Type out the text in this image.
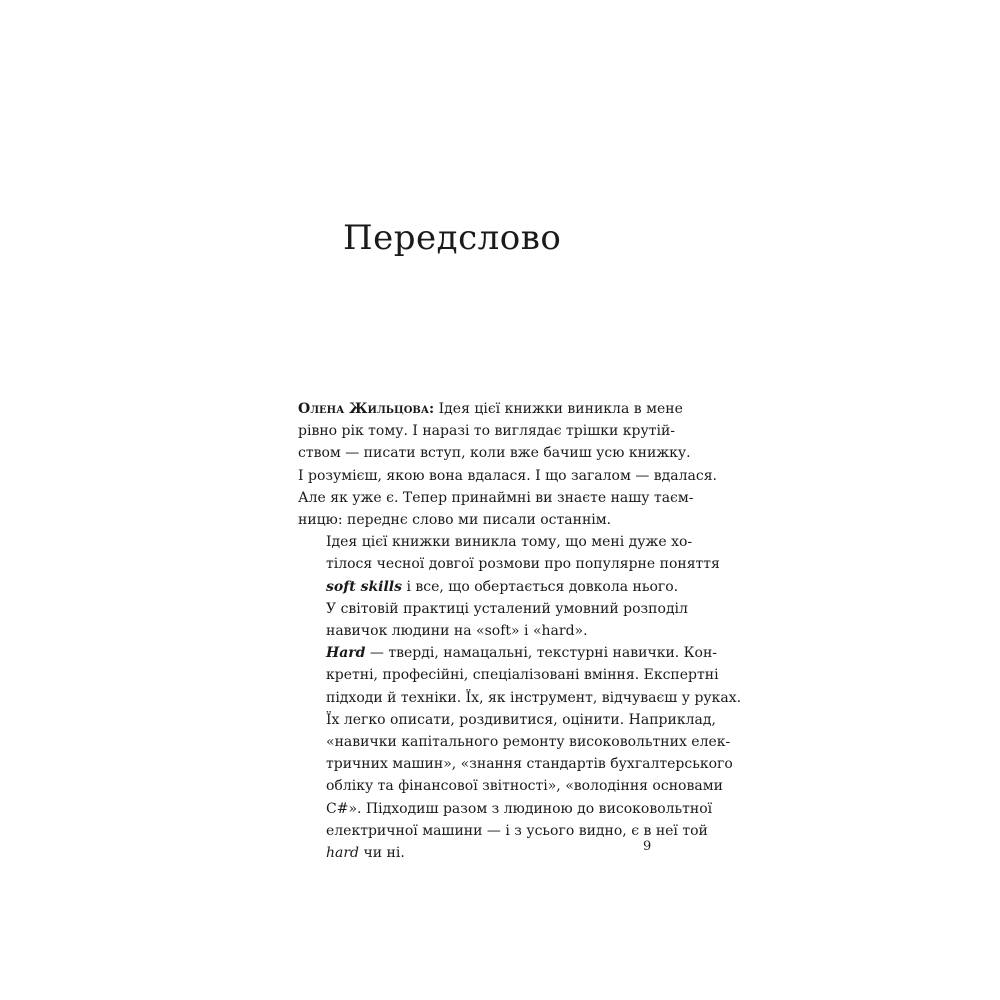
Передслово

Олена Жильцова: Ідея цієї книжки виникла в мене
рівно рік тому. І наразі то виглядає трішки крутій-
ством — писати вступ, коли вже бачиш усю книжку.
І розумієш, якою вона вдалася. І що загалом — вдалася.
Але як уже є. Тепер принаймні ви знаєте нашу таєм-
ницю: переднє слово ми писали останнім.

Ідея цієї книжки виникла тому, що мені дуже хо-
тілося чесної довгої розмови про популярне поняття
soft skills і все, що обертається довкола нього.

У світовій практиці усталений умовний розподіл
навичок людини на «soft» і «hard».

Hard — тверді, намацальні, текстурні навички. Кон-
кретні, професійні, спеціалізовані вміння. Експертні
підходи й техніки. Їх, як інструмент, відчуваєш у руках.
Їх легко описати, роздивитися, оцінити. Наприклад,
«навички капітального ремонту високовольтних елек-
тричних машин», «знання стандартів бухгалтерського
обліку та фінансової звітності», «володіння основами
C#». Підходиш разом з людиною до високовольтної
електричної машини — і з усього видно, є в неї той
hard чи ні.	9
